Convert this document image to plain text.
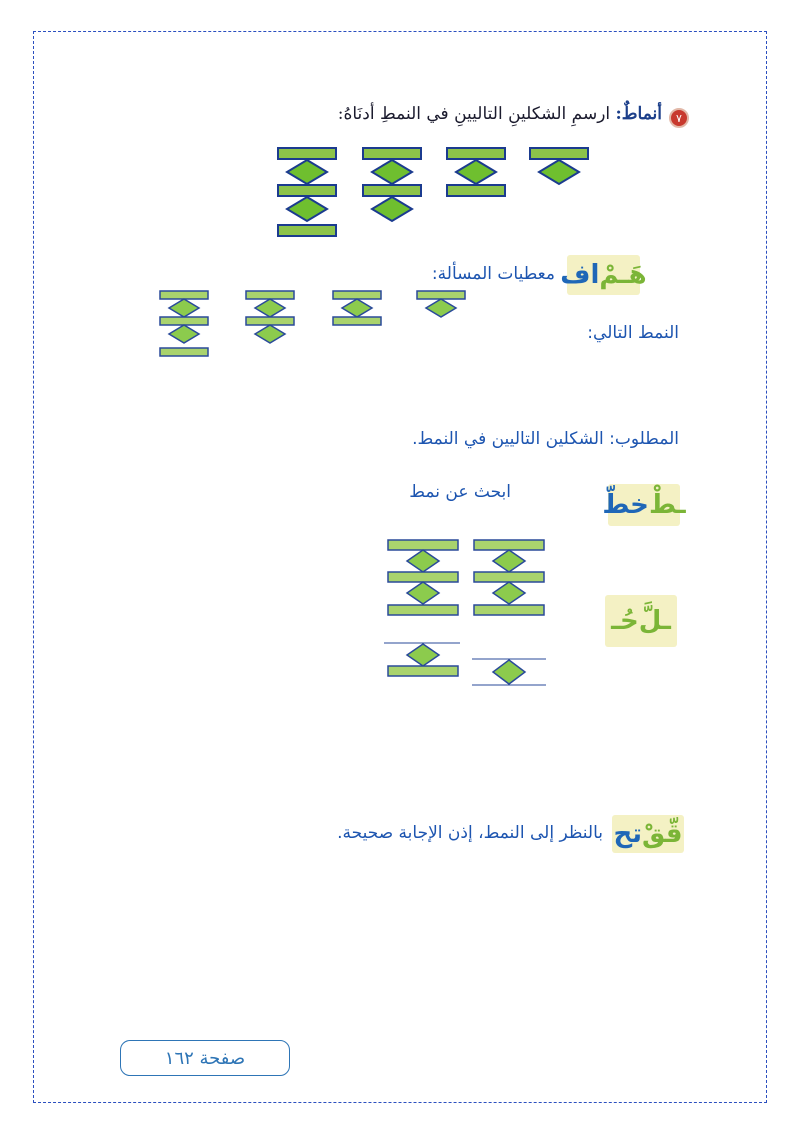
٧
أنماطٌ: ارسمِ الشكلينِ التاليينِ في النمطِ أدنَاهُ:
اف هَـمْ
معطيات المسألة:
النمط التالي:
المطلوب: الشكلين التاليين في النمط.
خطّ ـطْ
ابحث عن نمط
حُـ ـلَّ
تح قّقْ
بالنظر إلى النمط، إذن الإجابة صحيحة.
صفحة ١٦٢
